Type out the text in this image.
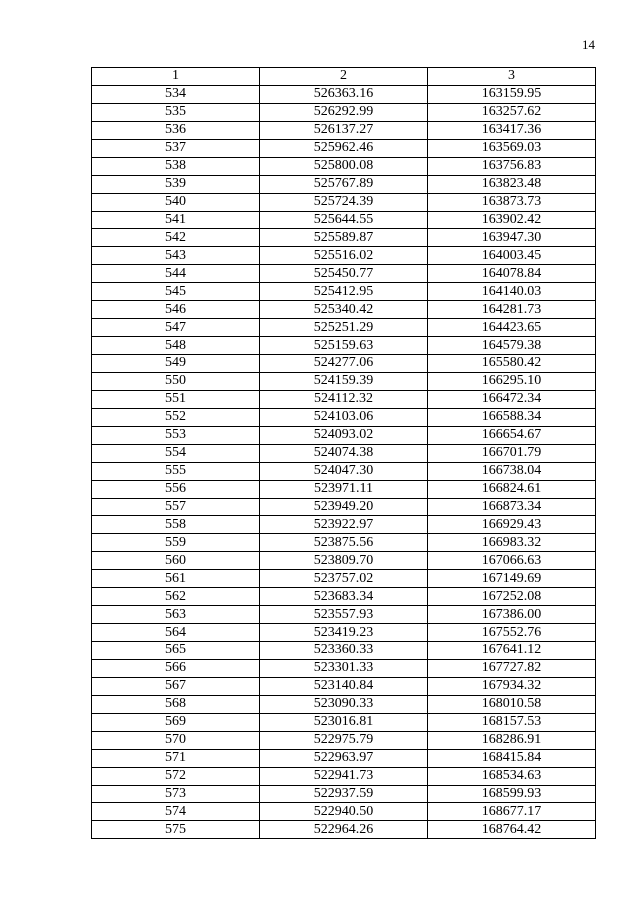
14
1	2	3
534	526363.16	163159.95
535	526292.99	163257.62
536	526137.27	163417.36
537	525962.46	163569.03
538	525800.08	163756.83
539	525767.89	163823.48
540	525724.39	163873.73
541	525644.55	163902.42
542	525589.87	163947.30
543	525516.02	164003.45
544	525450.77	164078.84
545	525412.95	164140.03
546	525340.42	164281.73
547	525251.29	164423.65
548	525159.63	164579.38
549	524277.06	165580.42
550	524159.39	166295.10
551	524112.32	166472.34
552	524103.06	166588.34
553	524093.02	166654.67
554	524074.38	166701.79
555	524047.30	166738.04
556	523971.11	166824.61
557	523949.20	166873.34
558	523922.97	166929.43
559	523875.56	166983.32
560	523809.70	167066.63
561	523757.02	167149.69
562	523683.34	167252.08
563	523557.93	167386.00
564	523419.23	167552.76
565	523360.33	167641.12
566	523301.33	167727.82
567	523140.84	167934.32
568	523090.33	168010.58
569	523016.81	168157.53
570	522975.79	168286.91
571	522963.97	168415.84
572	522941.73	168534.63
573	522937.59	168599.93
574	522940.50	168677.17
575	522964.26	168764.42
